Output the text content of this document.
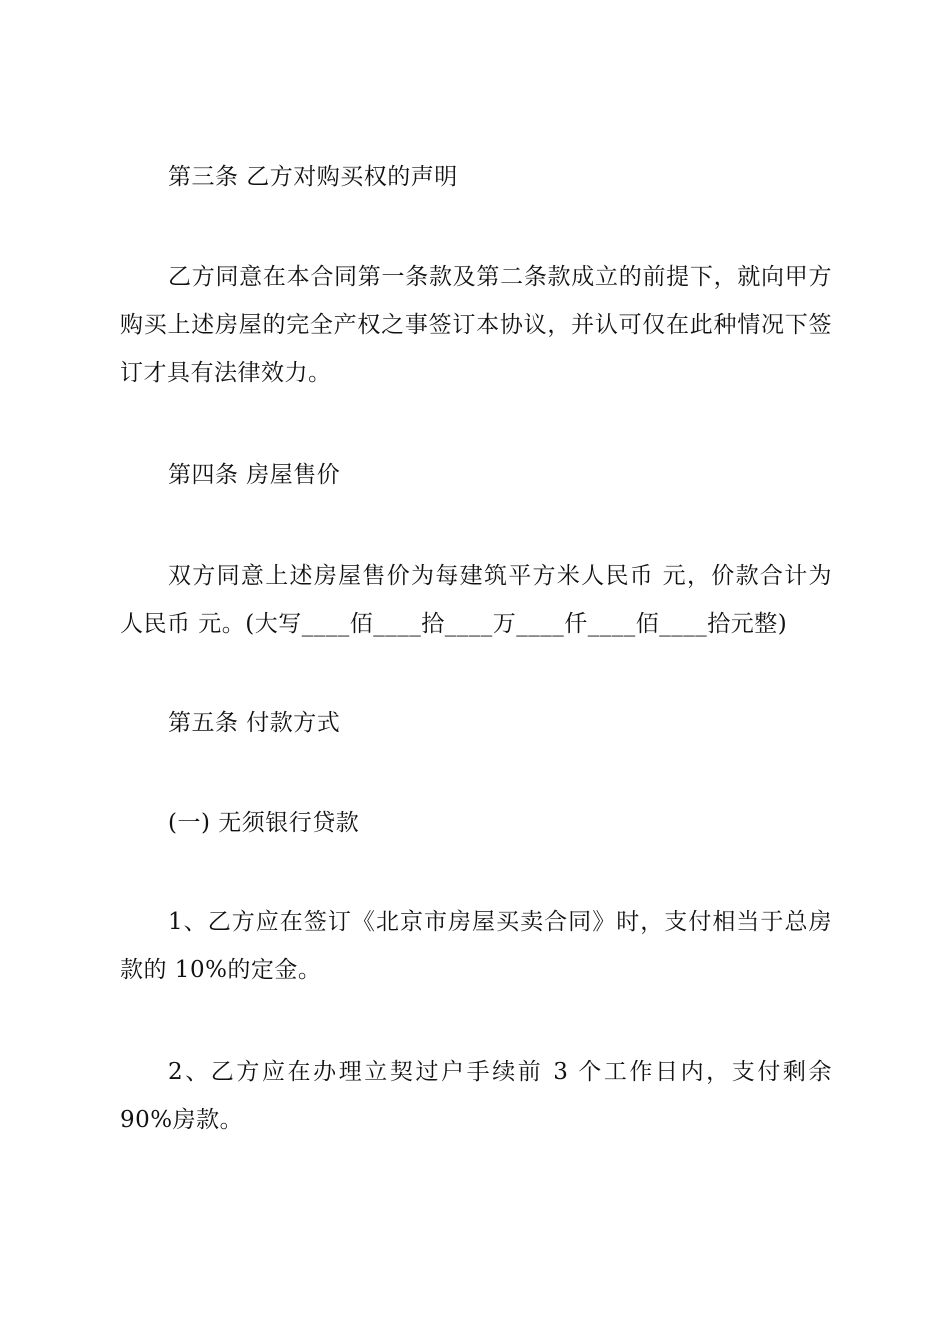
第三条 乙方对购买权的声明

乙方同意在本合同第一条款及第二条款成立的前提下，就向甲方购买上述房屋的完全产权之事签订本协议，并认可仅在此种情况下签订才具有法律效力。

第四条 房屋售价

双方同意上述房屋售价为每建筑平方米人民币 元，价款合计为人民币 元。(大写____佰____拾____万____仟____佰____拾元整)

第五条 付款方式

(一) 无须银行贷款

1、乙方应在签订《北京市房屋买卖合同》时，支付相当于总房款的 10%的定金。

2、乙方应在办理立契过户手续前 3 个工作日内，支付剩余 90%房款。
